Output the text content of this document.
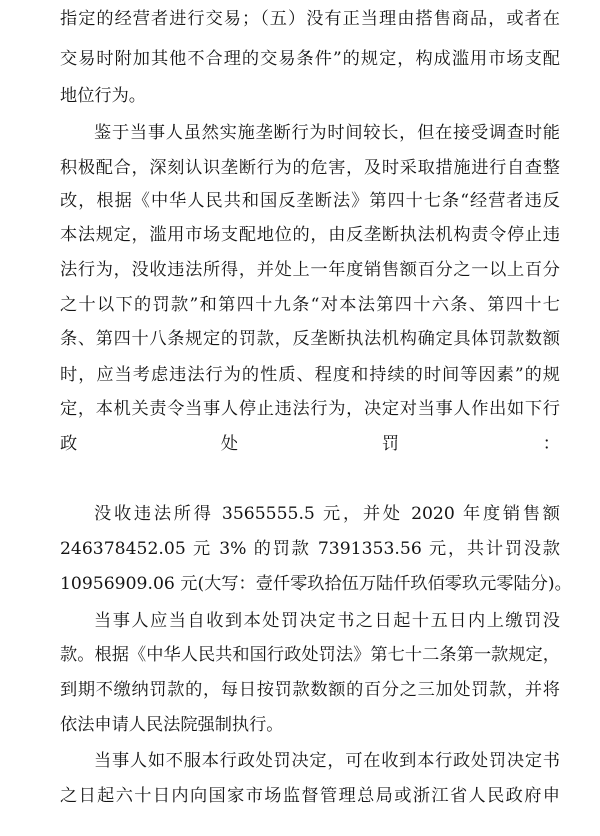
指定的经营者进行交易；（五）没有正当理由搭售商品，或者在
交易时附加其他不合理的交易条件”的规定，构成滥用市场支配
地位行为。
鉴于当事人虽然实施垄断行为时间较长，但在接受调查时能
积极配合，深刻认识垄断行为的危害，及时采取措施进行自查整
改，根据《中华人民共和国反垄断法》第四十七条“经营者违反
本法规定，滥用市场支配地位的，由反垄断执法机构责令停止违
法行为，没收违法所得，并处上一年度销售额百分之一以上百分
之十以下的罚款”和第四十九条“对本法第四十六条、第四十七
条、第四十八条规定的罚款，反垄断执法机构确定具体罚款数额
时，应当考虑违法行为的性质、程度和持续的时间等因素”的规
定，本机关责令当事人停止违法行为，决定对当事人作出如下行
政处罚：
没收违法所得 3565555.5 元，并处 2020 年度销售额
246378452.05 元 3% 的罚款 7391353.56 元，共计罚没款
10956909.06 元(大写：壹仟零玖拾伍万陆仟玖佰零玖元零陆分)。
当事人应当自收到本处罚决定书之日起十五日内上缴罚没
款。根据《中华人民共和国行政处罚法》第七十二条第一款规定，
到期不缴纳罚款的，每日按罚款数额的百分之三加处罚款，并将
依法申请人民法院强制执行。
当事人如不服本行政处罚决定，可在收到本行政处罚决定书
之日起六十日内向国家市场监督管理总局或浙江省人民政府申
